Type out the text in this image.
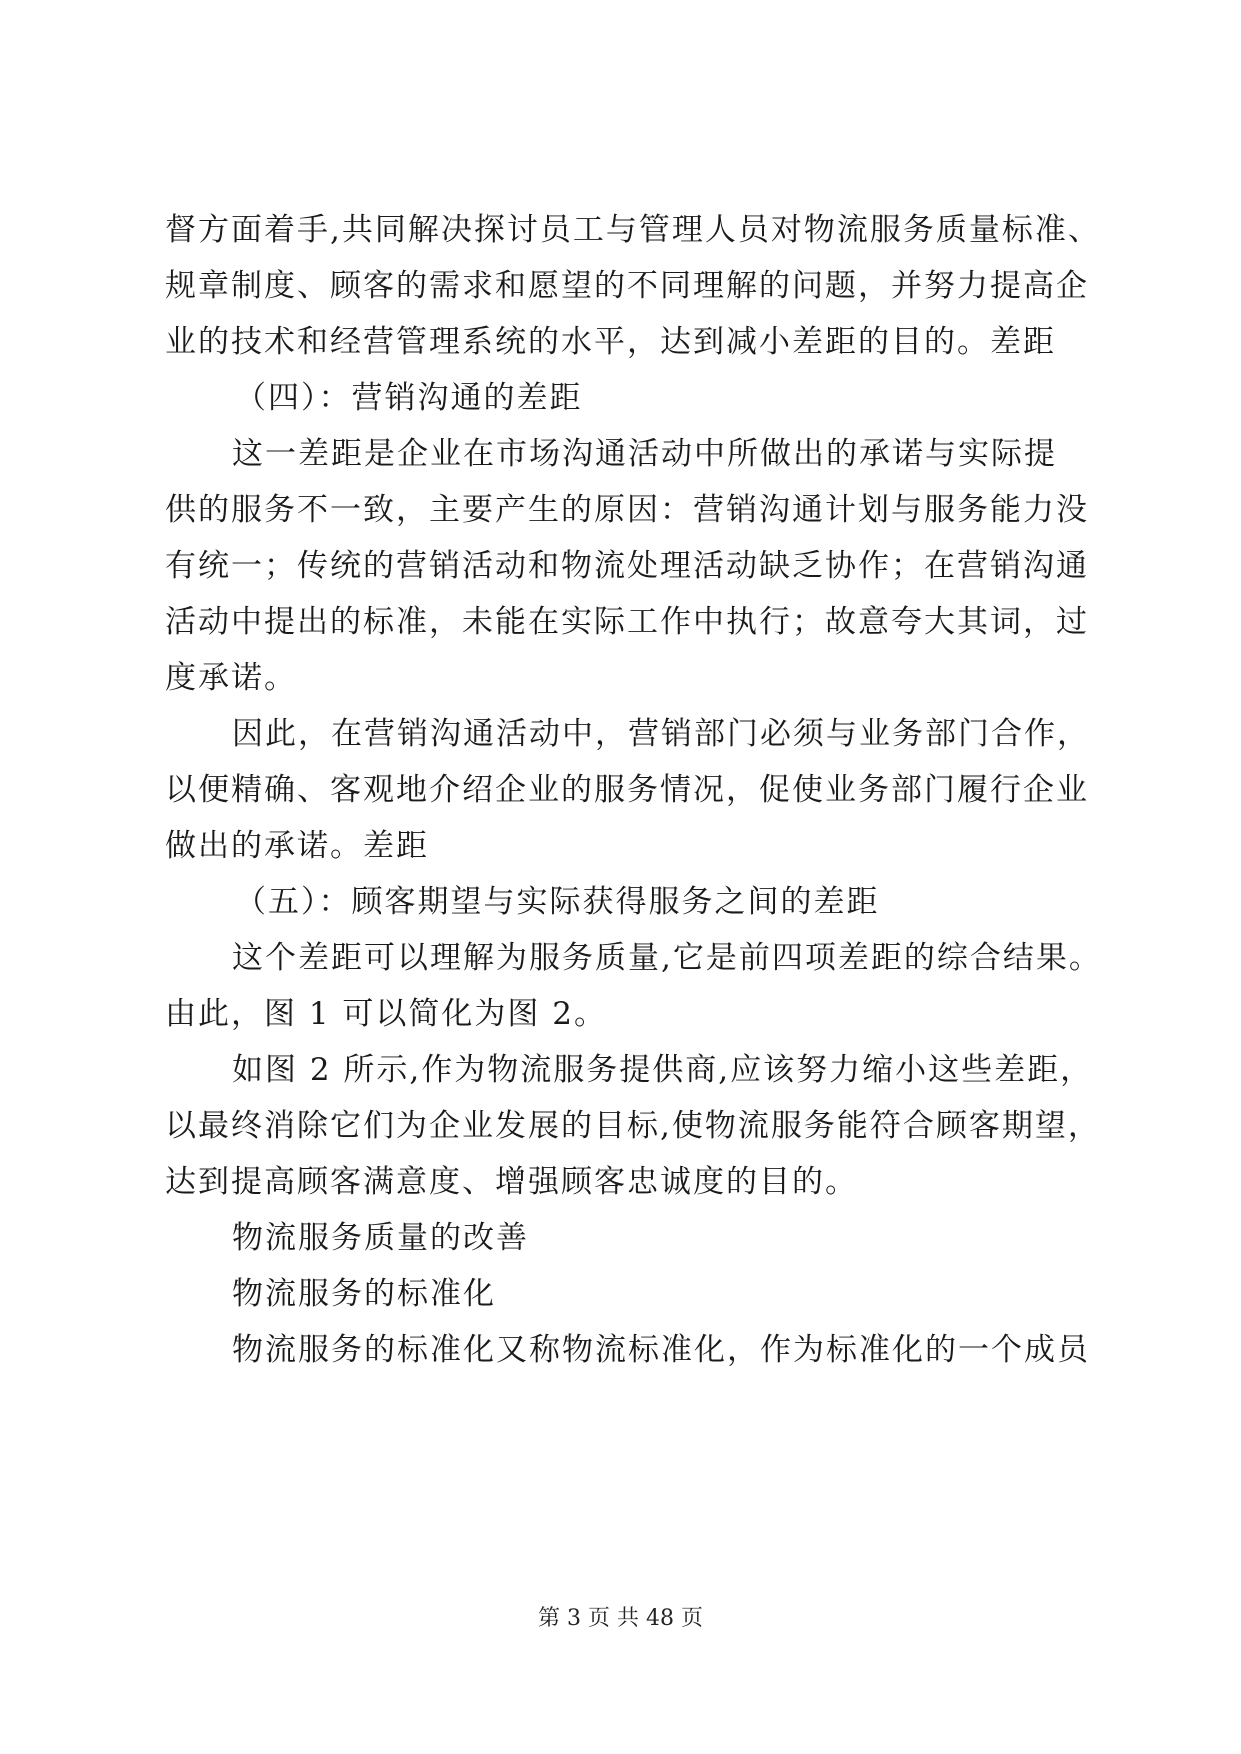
督方面着手,共同解决探讨员工与管理人员对物流服务质量标准、
规章制度、顾客的需求和愿望的不同理解的问题，并努力提高企
业的技术和经营管理系统的水平，达到减小差距的目的。差距
（四）：营销沟通的差距
这一差距是企业在市场沟通活动中所做出的承诺与实际提
供的服务不一致，主要产生的原因：营销沟通计划与服务能力没
有统一；传统的营销活动和物流处理活动缺乏协作；在营销沟通
活动中提出的标准，未能在实际工作中执行；故意夸大其词，过
度承诺。
因此，在营销沟通活动中，营销部门必须与业务部门合作，
以便精确、客观地介绍企业的服务情况，促使业务部门履行企业
做出的承诺。差距
（五）：顾客期望与实际获得服务之间的差距
这个差距可以理解为服务质量,它是前四项差距的综合结果。
由此，图 1 可以简化为图 2。
如图 2 所示,作为物流服务提供商,应该努力缩小这些差距，
以最终消除它们为企业发展的目标,使物流服务能符合顾客期望，
达到提高顾客满意度、增强顾客忠诚度的目的。
物流服务质量的改善
物流服务的标准化
物流服务的标准化又称物流标准化，作为标准化的一个成员
第 3 页 共 48 页
